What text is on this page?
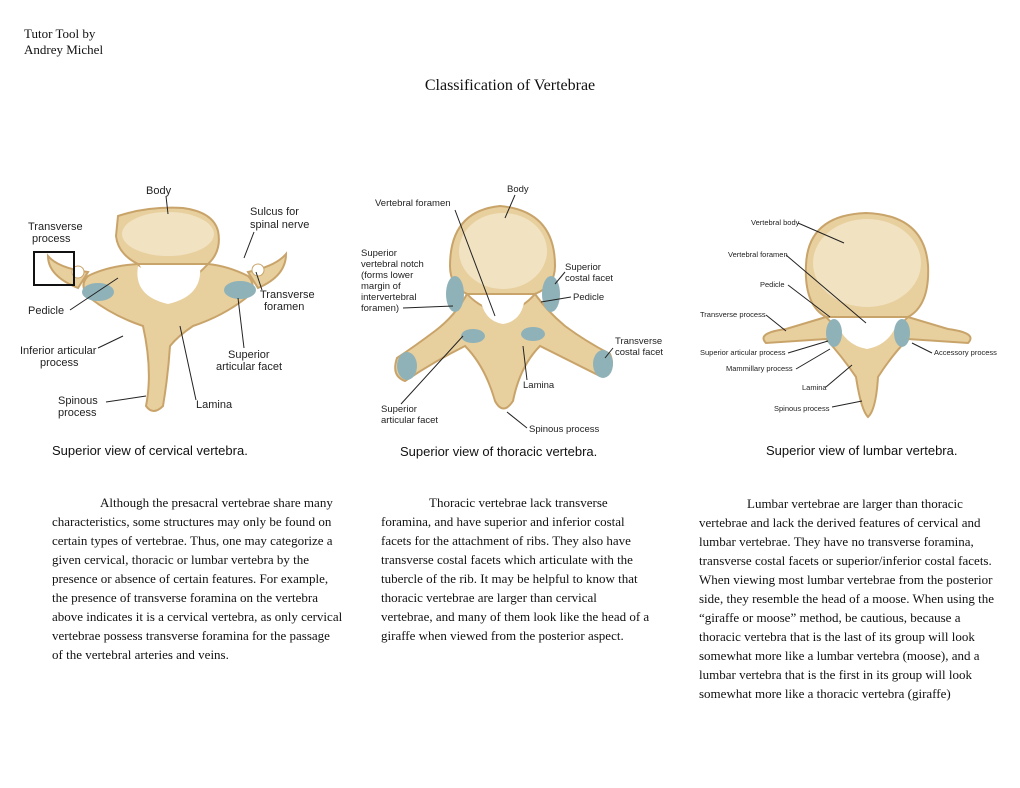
Tutor Tool by
Andrey Michel
Classification of Vertebrae
Body
Sulcus for
spinal nerve
Transverse
process
Transverse
foramen
Pedicle
Inferior articular
process
Superior
articular facet
Spinous
process
Lamina
Vertebral foramen
Body
Superior
vertebral notch
(forms lower
margin of
intervertebral
foramen)
Superior
costal facet
Pedicle
Transverse
costal facet
Lamina
Superior
articular facet
Spinous process
Vertebral body
Vertebral foramen
Pedicle
Transverse process
Superior articular process
Mammillary process
Lamina
Spinous process
Accessory process
Superior view of cervical vertebra.	Superior view of thoracic vertebra.	Superior view of lumbar vertebra.

Although the presacral vertebrae share many characteristics, some structures may only be found on certain types of vertebrae. Thus, one may categorize a given cervical, thoracic or lumbar vertebra by the presence or absence of certain features. For example, the presence of transverse foramina on the vertebra above indicates it is a cervical vertebra, as only cervical vertebrae possess transverse foramina for the passage of the vertebral arteries and veins.

Thoracic vertebrae lack transverse foramina, and have superior and inferior costal facets for the attachment of ribs. They also have transverse costal facets which articulate with the tubercle of the rib. It may be helpful to know that thoracic vertebrae are larger than cervical vertebrae, and many of them look like the head of a giraffe when viewed from the posterior aspect.

Lumbar vertebrae are larger than thoracic vertebrae and lack the derived features of cervical and lumbar vertebrae. They have no transverse foramina, transverse costal facets or superior/inferior costal facets. When viewing most lumbar vertebrae from the posterior side, they resemble the head of a moose. When using the “giraffe or moose” method, be cautious, because a thoracic vertebra that is the last of its group will look somewhat more like a lumbar vertebra (moose), and a lumbar vertebra that is the first in its group will look somewhat more like a thoracic vertebra (giraffe)
